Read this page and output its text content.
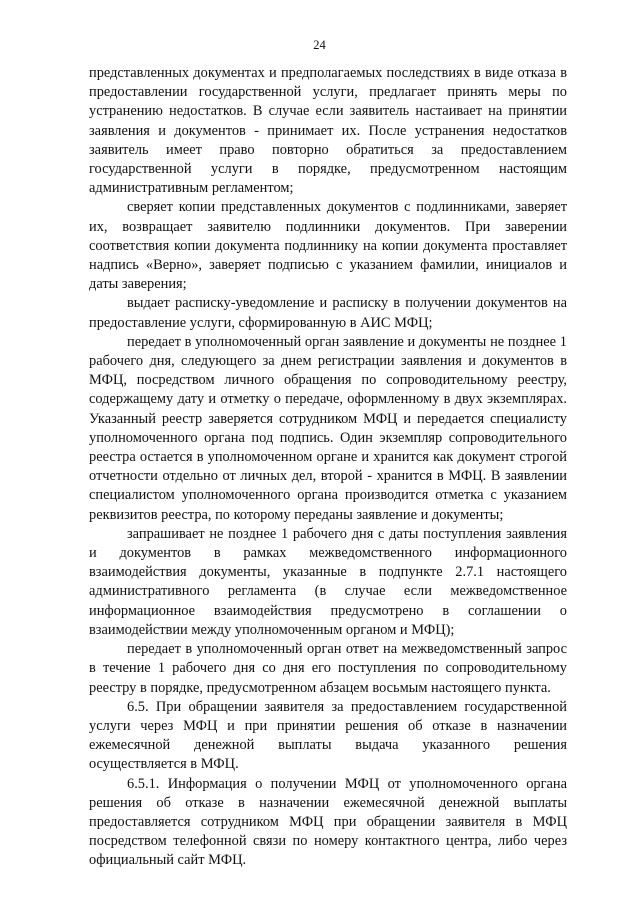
24

представленных документах и предполагаемых последствиях в виде отказа в предоставлении государственной услуги, предлагает принять меры по устранению недостатков. В случае если заявитель настаивает на принятии заявления и документов - принимает их. После устранения недостатков заявитель имеет право повторно обратиться за предоставлением государственной услуги в порядке, предусмотренном настоящим административным регламентом;

сверяет копии представленных документов с подлинниками, заверяет их, возвращает заявителю подлинники документов. При заверении соответствия копии документа подлиннику на копии документа проставляет надпись «Верно», заверяет подписью с указанием фамилии, инициалов и даты заверения;

выдает расписку-уведомление и расписку в получении документов на предоставление услуги, сформированную в АИС МФЦ;

передает в уполномоченный орган заявление и документы не позднее 1 рабочего дня, следующего за днем регистрации заявления и документов в МФЦ, посредством личного обращения по сопроводительному реестру, содержащему дату и отметку о передаче, оформленному в двух экземплярах. Указанный реестр заверяется сотрудником МФЦ и передается специалисту уполномоченного органа под подпись. Один экземпляр сопроводительного реестра остается в уполномоченном органе и хранится как документ строгой отчетности отдельно от личных дел, второй - хранится в МФЦ. В заявлении специалистом уполномоченного органа производится отметка с указанием реквизитов реестра, по которому переданы заявление и документы;

запрашивает не позднее 1 рабочего дня с даты поступления заявления и документов в рамках межведомственного информационного взаимодействия документы, указанные в подпункте 2.7.1 настоящего административного регламента (в случае если межведомственное информационное взаимодействия предусмотрено в соглашении о взаимодействии между уполномоченным органом и МФЦ);

передает в уполномоченный орган ответ на межведомственный запрос в течение 1 рабочего дня со дня его поступления по сопроводительному реестру в порядке, предусмотренном абзацем восьмым настоящего пункта.

6.5. При обращении заявителя за предоставлением государственной услуги через МФЦ и при принятии решения об отказе в назначении ежемесячной денежной выплаты выдача указанного решения осуществляется в МФЦ.

6.5.1. Информация о получении МФЦ от уполномоченного органа решения об отказе в назначении ежемесячной денежной выплаты предоставляется сотрудником МФЦ при обращении заявителя в МФЦ посредством телефонной связи по номеру контактного центра, либо через официальный сайт МФЦ.
